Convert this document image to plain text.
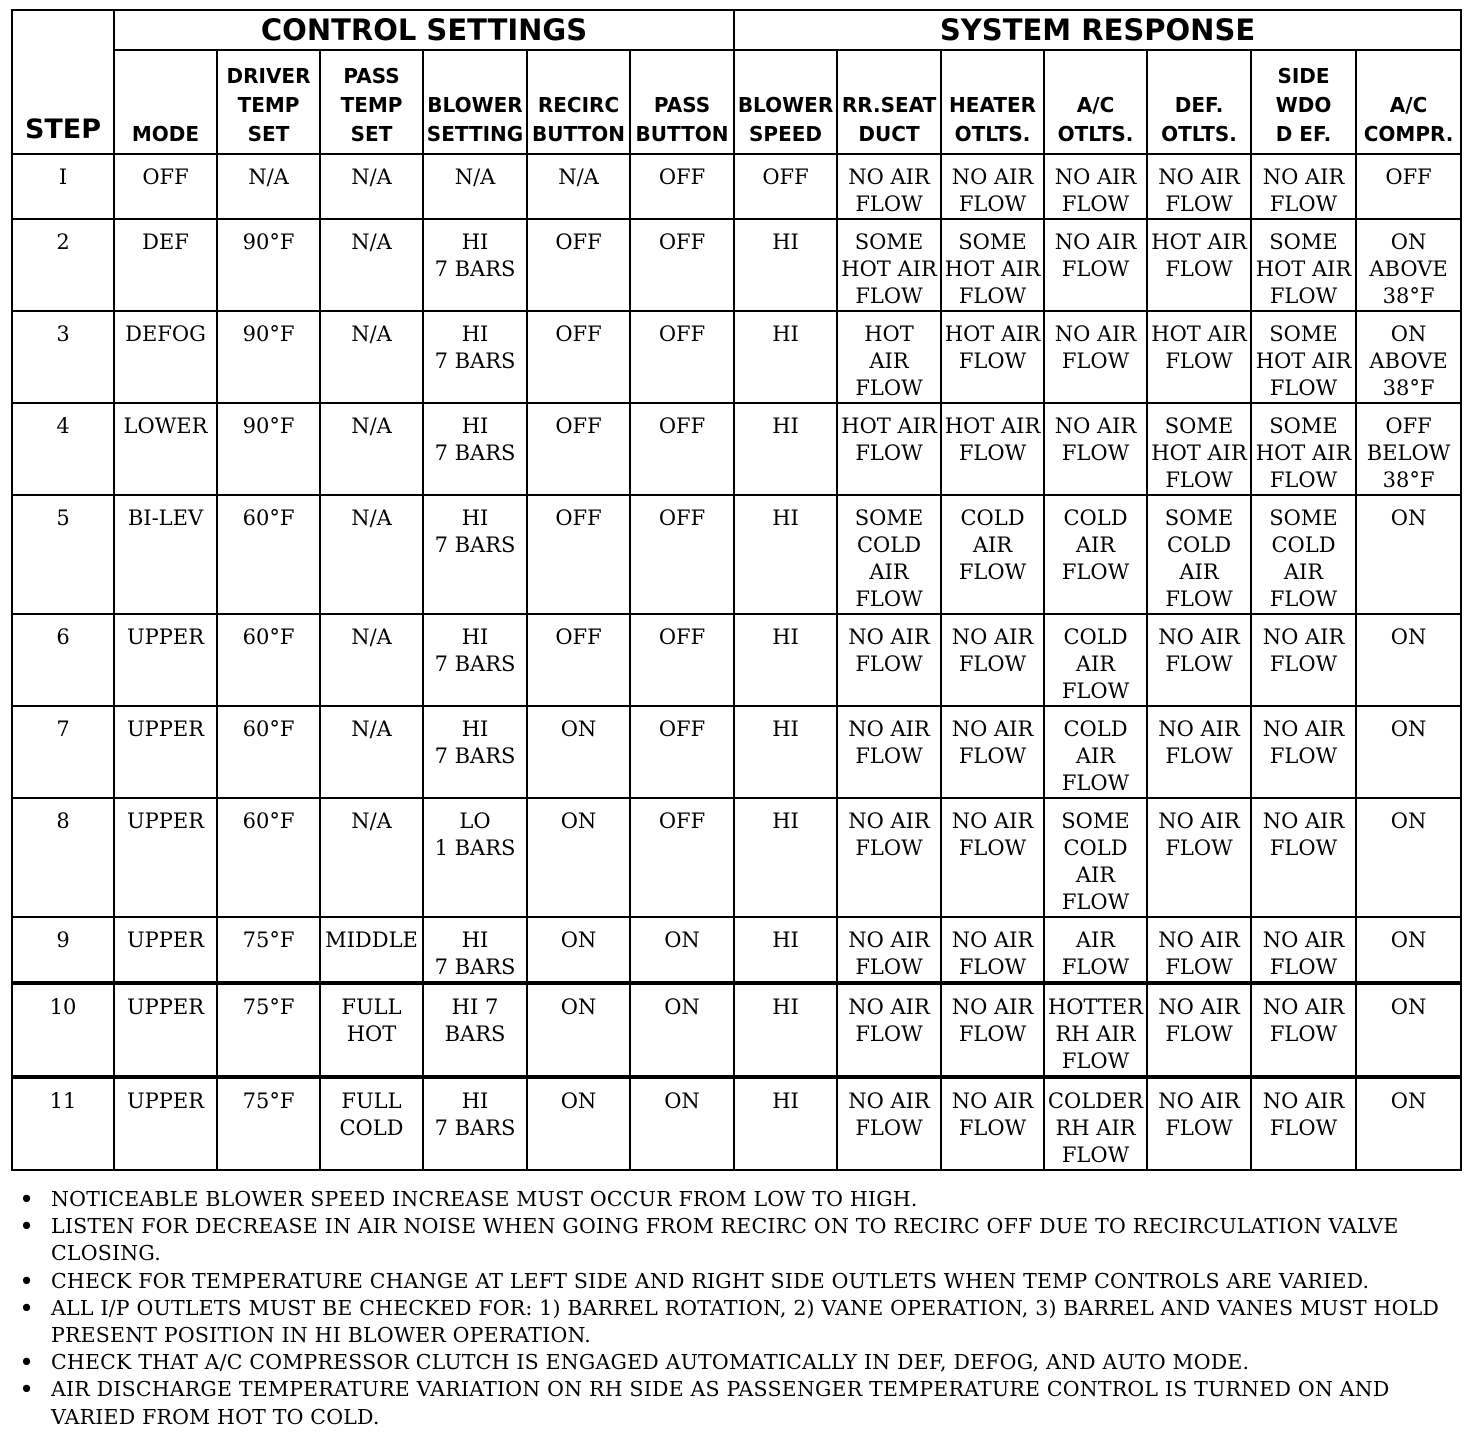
STEP	CONTROL SETTINGS						SYSTEM RESPONSE						
	MODE	DRIVER
TEMP
SET	PASS
TEMP
SET	BLOWER
SETTING	RECIRC
BUTTON	PASS
BUTTON	BLOWER
SPEED	RR.SEAT
DUCT	HEATER
OTLTS.	A/C
OTLTS.	DEF.
OTLTS.	SIDE
WDO
D EF.	A/C
COMPR.
I	OFF	N/A	N/A	N/A	N/A	OFF	OFF	NO AIR
FLOW	NO AIR
FLOW	NO AIR
FLOW	NO AIR
FLOW	NO AIR
FLOW	OFF
2	DEF	90°F	N/A	HI
7 BARS	OFF	OFF	HI	SOME
HOT AIR
FLOW	SOME
HOT AIR
FLOW	NO AIR
FLOW	HOT AIR
FLOW	SOME
HOT AIR
FLOW	ON
ABOVE
38°F
3	DEFOG	90°F	N/A	HI
7 BARS	OFF	OFF	HI	HOT
AIR
FLOW	HOT AIR
FLOW	NO AIR
FLOW	HOT AIR
FLOW	SOME
HOT AIR
FLOW	ON
ABOVE
38°F
4	LOWER	90°F	N/A	HI
7 BARS	OFF	OFF	HI	HOT AIR
FLOW	HOT AIR
FLOW	NO AIR
FLOW	SOME
HOT AIR
FLOW	SOME
HOT AIR
FLOW	OFF
BELOW
38°F
5	BI-LEV	60°F	N/A	HI
7 BARS	OFF	OFF	HI	SOME
COLD
AIR
FLOW	COLD
AIR
FLOW	COLD
AIR
FLOW	SOME
COLD
AIR
FLOW	SOME
COLD
AIR
FLOW	ON
6	UPPER	60°F	N/A	HI
7 BARS	OFF	OFF	HI	NO AIR
FLOW	NO AIR
FLOW	COLD
AIR
FLOW	NO AIR
FLOW	NO AIR
FLOW	ON
7	UPPER	60°F	N/A	HI
7 BARS	ON	OFF	HI	NO AIR
FLOW	NO AIR
FLOW	COLD
AIR
FLOW	NO AIR
FLOW	NO AIR
FLOW	ON
8	UPPER	60°F	N/A	LO
1 BARS	ON	OFF	HI	NO AIR
FLOW	NO AIR
FLOW	SOME
COLD
AIR
FLOW	NO AIR
FLOW	NO AIR
FLOW	ON
9	UPPER	75°F	MIDDLE	HI
7 BARS	ON	ON	HI	NO AIR
FLOW	NO AIR
FLOW	AIR
FLOW	NO AIR
FLOW	NO AIR
FLOW	ON
10	UPPER	75°F	FULL
HOT	HI 7
BARS	ON	ON	HI	NO AIR
FLOW	NO AIR
FLOW	HOTTER
RH AIR
FLOW	NO AIR
FLOW	NO AIR
FLOW	ON
11	UPPER	75°F	FULL
COLD	HI
7 BARS	ON	ON	HI	NO AIR
FLOW	NO AIR
FLOW	COLDER
RH AIR
FLOW	NO AIR
FLOW	NO AIR
FLOW	ON
• NOTICEABLE BLOWER SPEED INCREASE MUST OCCUR FROM LOW TO HIGH.
• LISTEN FOR DECREASE IN AIR NOISE WHEN GOING FROM RECIRC ON TO RECIRC OFF DUE TO RECIRCULATION VALVE CLOSING.
• CHECK FOR TEMPERATURE CHANGE AT LEFT SIDE AND RIGHT SIDE OUTLETS WHEN TEMP CONTROLS ARE VARIED.
• ALL I/P OUTLETS MUST BE CHECKED FOR: 1) BARREL ROTATION, 2) VANE OPERATION, 3) BARREL AND VANES MUST HOLD PRESENT POSITION IN HI BLOWER OPERATION.
• CHECK THAT A/C COMPRESSOR CLUTCH IS ENGAGED AUTOMATICALLY IN DEF, DEFOG, AND AUTO MODE.
• AIR DISCHARGE TEMPERATURE VARIATION ON RH SIDE AS PASSENGER TEMPERATURE CONTROL IS TURNED ON AND VARIED FROM HOT TO COLD.
